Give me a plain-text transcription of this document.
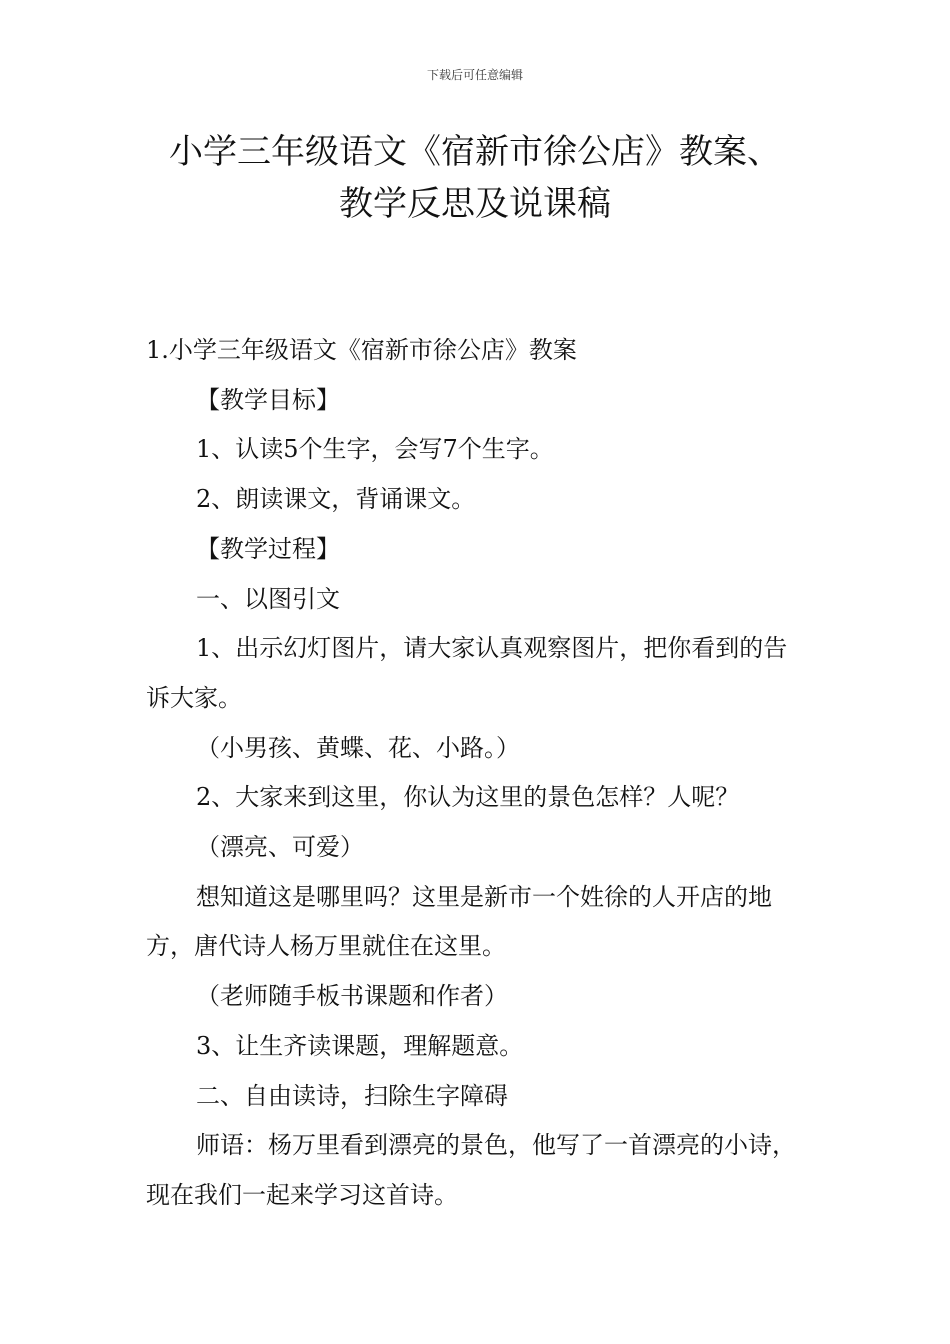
下载后可任意编辑
小学三年级语文《宿新市徐公店》教案、
教学反思及说课稿

1.小学三年级语文《宿新市徐公店》教案

【教学目标】

1、认读5个生字，会写7个生字。

2、朗读课文，背诵课文。

【教学过程】

一、以图引文

1、出示幻灯图片，请大家认真观察图片，把你看到的告诉大家。

（小男孩、黄蝶、花、小路。）

2、大家来到这里，你认为这里的景色怎样？人呢？

（漂亮、可爱）

想知道这是哪里吗？这里是新市一个姓徐的人开店的地方，唐代诗人杨万里就住在这里。

（老师随手板书课题和作者）

3、让生齐读课题，理解题意。

二、自由读诗，扫除生字障碍

师语：杨万里看到漂亮的景色，他写了一首漂亮的小诗，现在我们一起来学习这首诗。
